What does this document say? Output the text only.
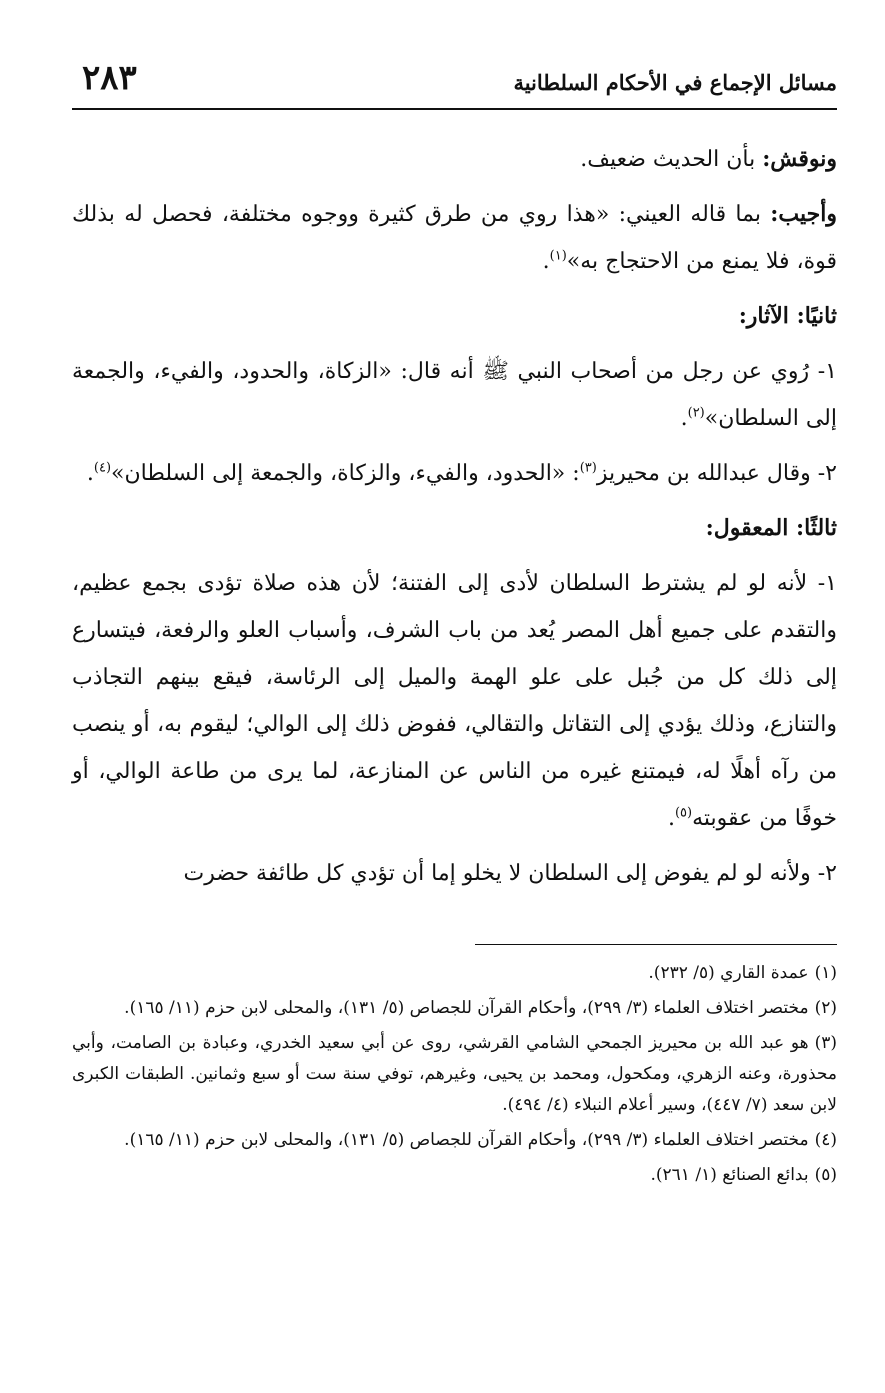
مسائل الإجماع في الأحكام السلطانية
٢٨٣

ونوقش: بأن الحديث ضعيف.

وأجيب: بما قاله العيني: «هذا روي من طرق كثيرة ووجوه مختلفة، فحصل له بذلك قوة، فلا يمنع من الاحتجاج به»$^{(١)}$.

ثانيًا: الآثار:

١- رُوي عن رجل من أصحاب النبي ﷺ أنه قال: «الزكاة، والحدود، والفيء، والجمعة إلى السلطان»$^{(٢)}$.

٢- وقال عبدالله بن محيريز$^{(٣)}$: «الحدود، والفيء، والزكاة، والجمعة إلى السلطان»$^{(٤)}$.

ثالثًا: المعقول:

١- لأنه لو لم يشترط السلطان لأدى إلى الفتنة؛ لأن هذه صلاة تؤدى بجمع عظيم، والتقدم على جميع أهل المصر يُعد من باب الشرف، وأسباب العلو والرفعة، فيتسارع إلى ذلك كل من جُبل على علو الهمة والميل إلى الرئاسة، فيقع بينهم التجاذب والتنازع، وذلك يؤدي إلى التقاتل والتقالي، ففوض ذلك إلى الوالي؛ ليقوم به، أو ينصب من رآه أهلًا له، فيمتنع غيره من الناس عن المنازعة، لما يرى من طاعة الوالي، أو خوفًا من عقوبته$^{(٥)}$.

٢- ولأنه لو لم يفوض إلى السلطان لا يخلو إما أن تؤدي كل طائفة حضرت

(١)عمدة القاري (٥/ ٢٣٢).

(٢)مختصر اختلاف العلماء (٣/ ٢٩٩)، وأحكام القرآن للجصاص (٥/ ١٣١)، والمحلى لابن حزم (١١/ ١٦٥).

(٣)هو عبد الله بن محيريز الجمحي الشامي القرشي، روى عن أبي سعيد الخدري، وعبادة بن الصامت، وأبي محذورة، وعنه الزهري، ومكحول، ومحمد بن يحيى، وغيرهم، توفي سنة ست أو سبع وثمانين. الطبقات الكبرى لابن سعد (٧/ ٤٤٧)، وسير أعلام النبلاء (٤/ ٤٩٤).

(٤)مختصر اختلاف العلماء (٣/ ٢٩٩)، وأحكام القرآن للجصاص (٥/ ١٣١)، والمحلى لابن حزم (١١/ ١٦٥).

(٥)بدائع الصنائع (١/ ٢٦١).
